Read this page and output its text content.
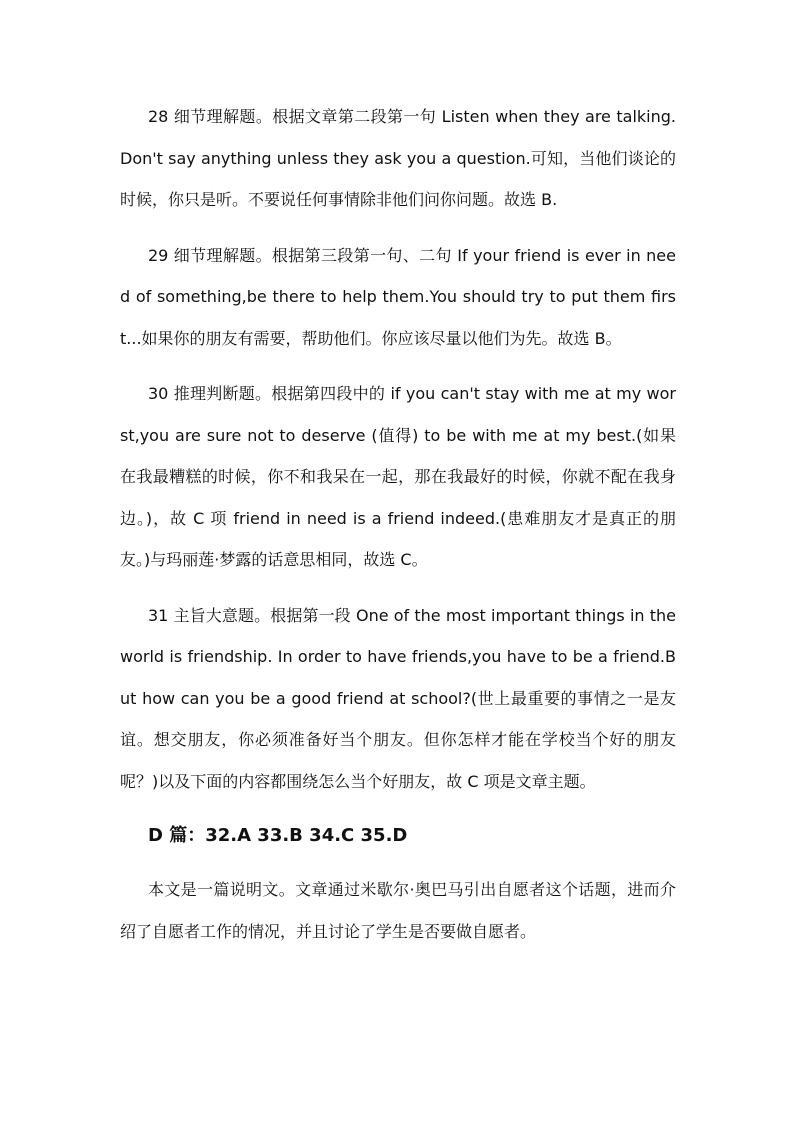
28 细节理解题。根据文章第二段第一句 Listen when they are talking. Don't say anything unless they ask you a question.可知，当他们谈论的时候，你只是听。不要说任何事情除非他们问你问题。故选 B.

29 细节理解题。根据第三段第一句、二句 If your friend is ever in need of something,be there to help them.You should try to put them first...如果你的朋友有需要，帮助他们。你应该尽量以他们为先。故选 B。

30 推理判断题。根据第四段中的 if you can't stay with me at my worst,you are sure not to deserve (值得) to be with me at my best.(如果在我最糟糕的时候，你不和我呆在一起，那在我最好的时候，你就不配在我身边。)，故 C 项 friend in need is a friend indeed.(患难朋友才是真正的朋友。)与玛丽莲·梦露的话意思相同，故选 C。

31 主旨大意题。根据第一段 One of the most important things in the world is friendship. In order to have friends,you have to be a friend.But how can you be a good friend at school?(世上最重要的事情之一是友谊。想交朋友，你必须准备好当个朋友。但你怎样才能在学校当个好的朋友呢？)以及下面的内容都围绕怎么当个好朋友，故 C 项是文章主题。

D 篇：32.A 33.B 34.C 35.D

本文是一篇说明文。文章通过米歇尔·奥巴马引出自愿者这个话题，进而介绍了自愿者工作的情况，并且讨论了学生是否要做自愿者。
